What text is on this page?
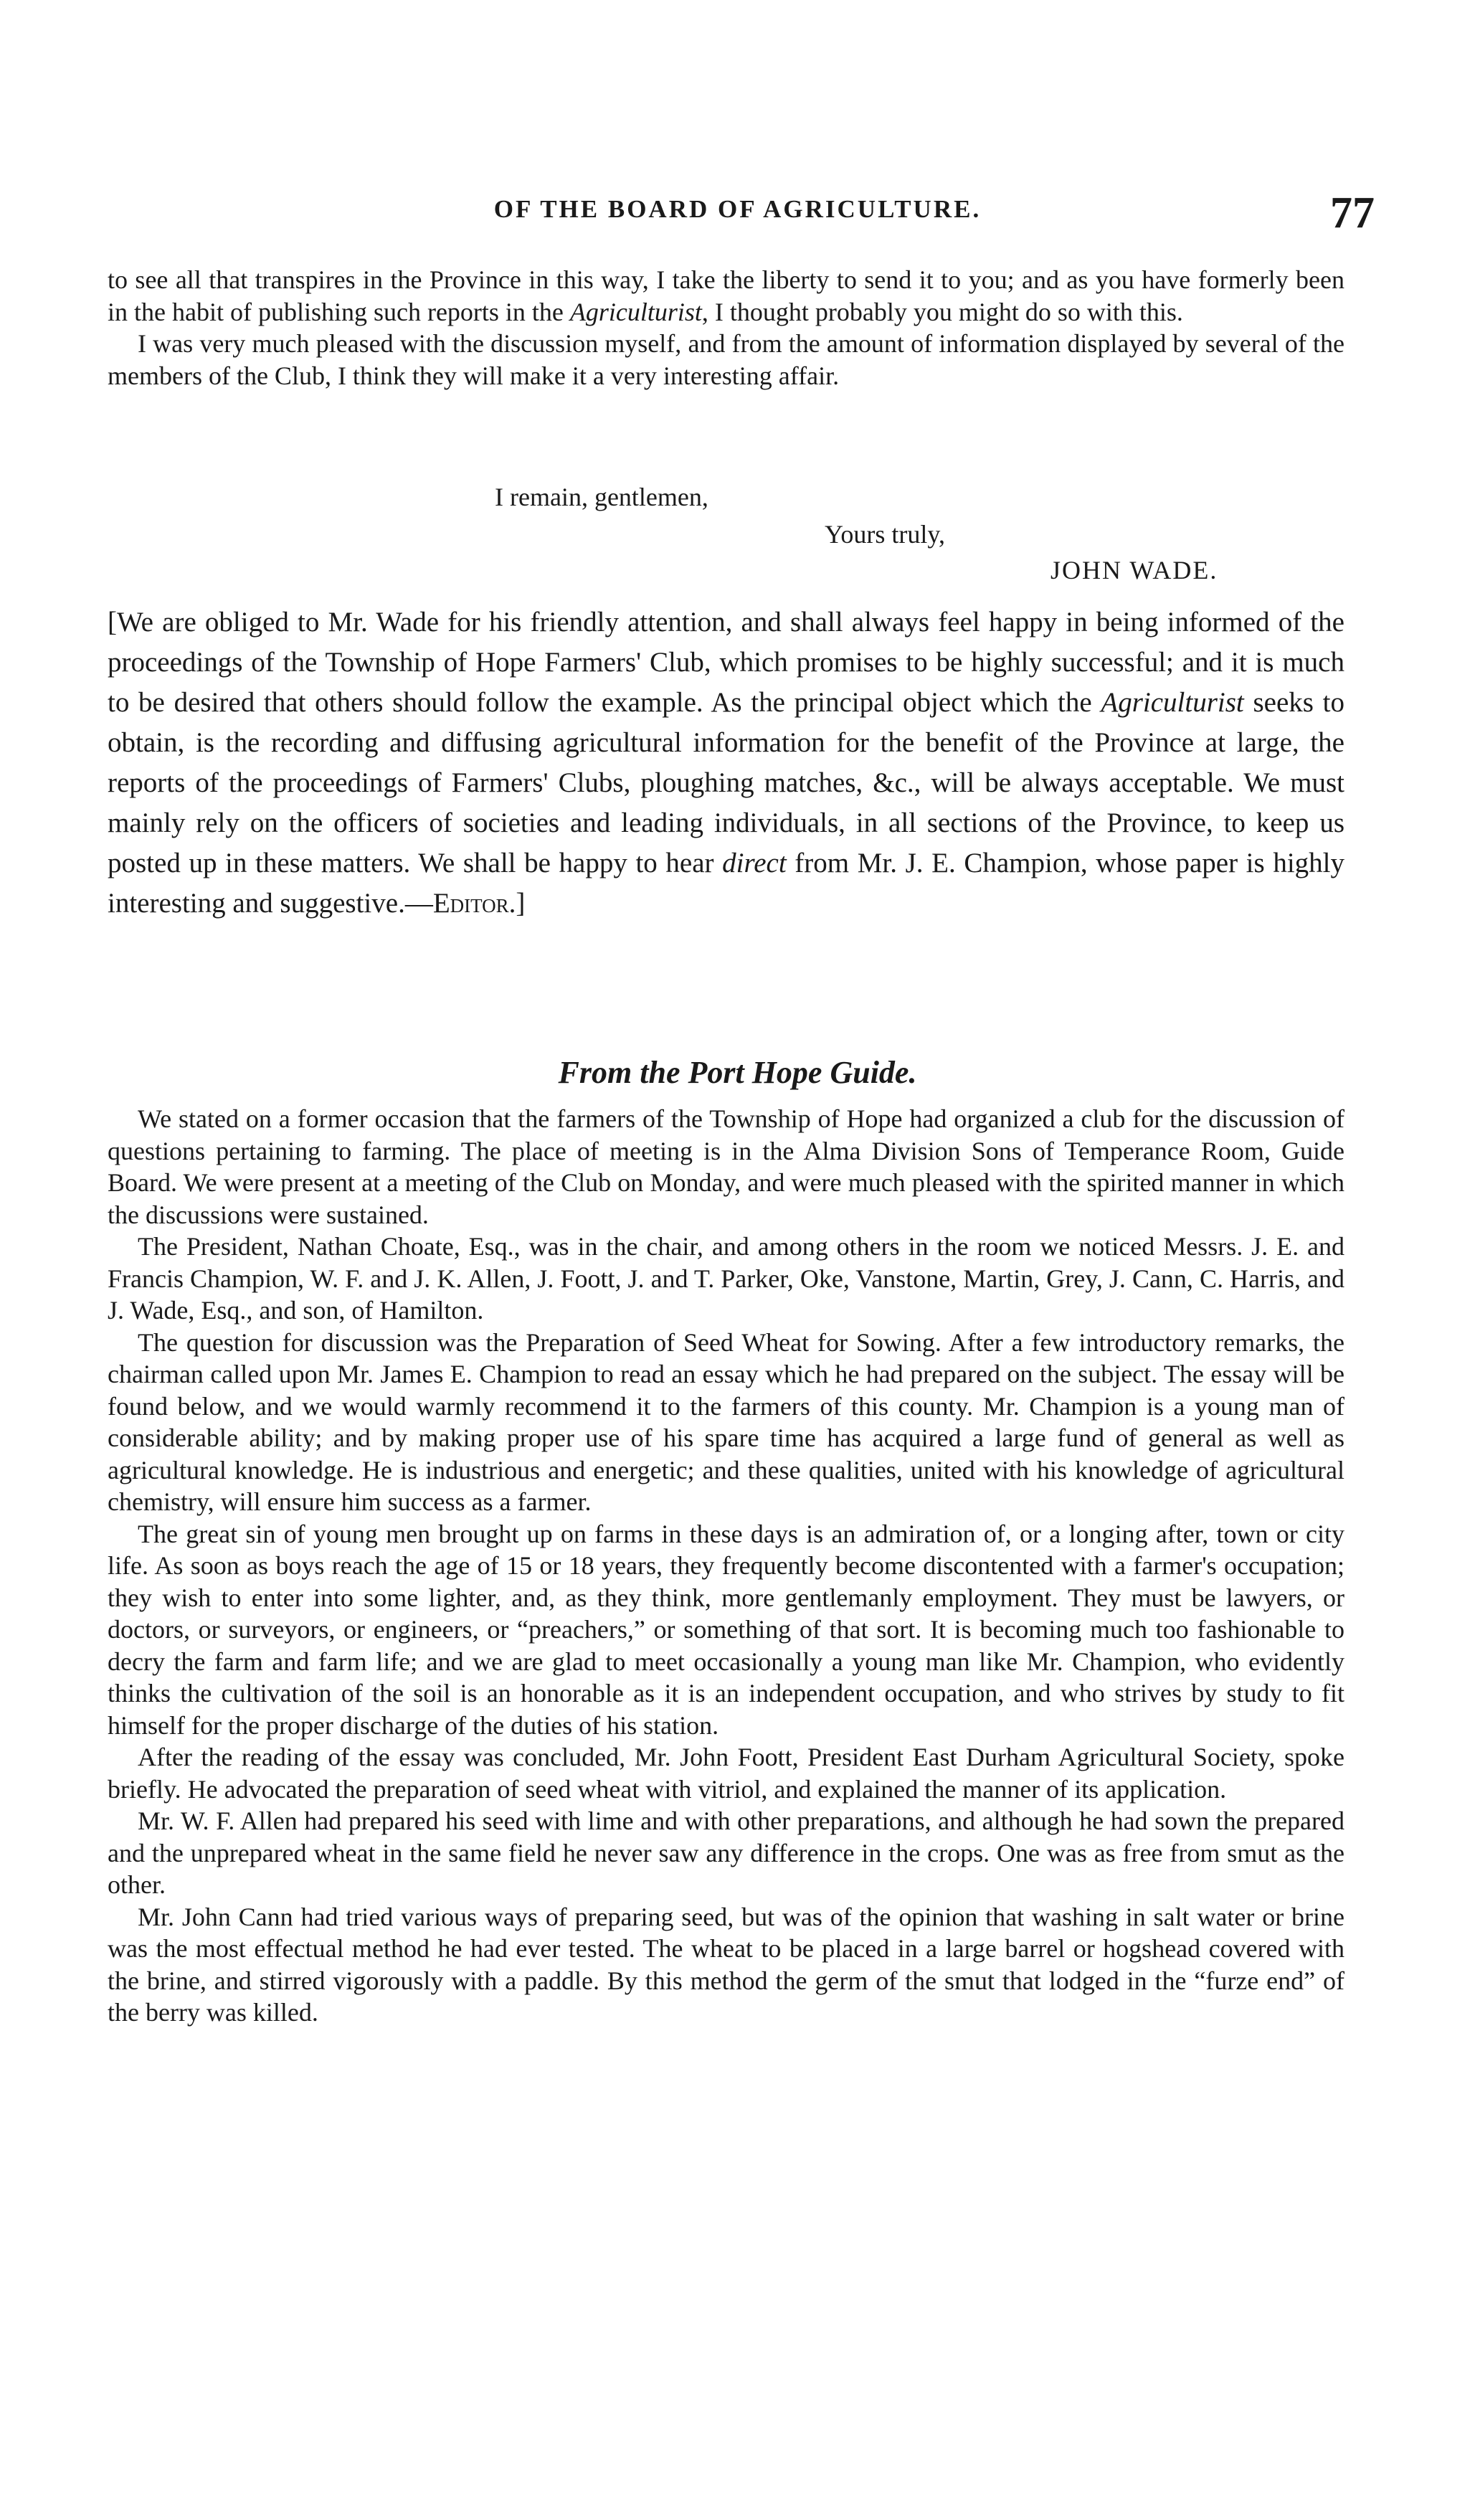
OF THE BOARD OF AGRICULTURE.	77

to see all that transpires in the Province in this way, I take the liberty to send it to you; and as you have formerly been in the habit of publishing such reports in the Agriculturist, I thought probably you might do so with this.

I was very much pleased with the discussion myself, and from the amount of information displayed by several of the members of the Club, I think they will make it a very interesting affair.

I remain, gentlemen,
Yours truly,
JOHN WADE.

[We are obliged to Mr. Wade for his friendly attention, and shall always feel happy in being informed of the proceedings of the Township of Hope Farmers' Club, which promises to be highly successful; and it is much to be desired that others should follow the example. As the principal object which the Agriculturist seeks to obtain, is the recording and diffusing agricultural information for the benefit of the Province at large, the reports of the proceedings of Farmers' Clubs, ploughing matches, &c., will be always acceptable. We must mainly rely on the officers of societies and leading individuals, in all sections of the Province, to keep us posted up in these matters. We shall be happy to hear direct from Mr. J. E. Champion, whose paper is highly interesting and suggestive.—Editor.]

From the Port Hope Guide.

We stated on a former occasion that the farmers of the Township of Hope had organized a club for the discussion of questions pertaining to farming. The place of meeting is in the Alma Division Sons of Temperance Room, Guide Board. We were present at a meeting of the Club on Monday, and were much pleased with the spirited manner in which the discussions were sustained.

The President, Nathan Choate, Esq., was in the chair, and among others in the room we noticed Messrs. J. E. and Francis Champion, W. F. and J. K. Allen, J. Foott, J. and T. Parker, Oke, Vanstone, Martin, Grey, J. Cann, C. Harris, and J. Wade, Esq., and son, of Hamilton.

The question for discussion was the Preparation of Seed Wheat for Sowing. After a few introductory remarks, the chairman called upon Mr. James E. Champion to read an essay which he had prepared on the subject. The essay will be found below, and we would warmly recommend it to the farmers of this county. Mr. Champion is a young man of considerable ability; and by making proper use of his spare time has acquired a large fund of general as well as agricultural knowledge. He is industrious and energetic; and these qualities, united with his knowledge of agricultural chemistry, will ensure him success as a farmer.

The great sin of young men brought up on farms in these days is an admiration of, or a longing after, town or city life. As soon as boys reach the age of 15 or 18 years, they frequently become discontented with a farmer's occupation; they wish to enter into some lighter, and, as they think, more gentlemanly employment. They must be lawyers, or doctors, or surveyors, or engineers, or “preachers,” or something of that sort. It is becoming much too fashionable to decry the farm and farm life; and we are glad to meet occasionally a young man like Mr. Champion, who evidently thinks the cultivation of the soil is an honorable as it is an independent occupation, and who strives by study to fit himself for the proper discharge of the duties of his station.

After the reading of the essay was concluded, Mr. John Foott, President East Durham Agricultural Society, spoke briefly. He advocated the preparation of seed wheat with vitriol, and explained the manner of its application.

Mr. W. F. Allen had prepared his seed with lime and with other preparations, and although he had sown the prepared and the unprepared wheat in the same field he never saw any difference in the crops. One was as free from smut as the other.

Mr. John Cann had tried various ways of preparing seed, but was of the opinion that washing in salt water or brine was the most effectual method he had ever tested. The wheat to be placed in a large barrel or hogshead covered with the brine, and stirred vigorously with a paddle. By this method the germ of the smut that lodged in the “furze end” of the berry was killed.
